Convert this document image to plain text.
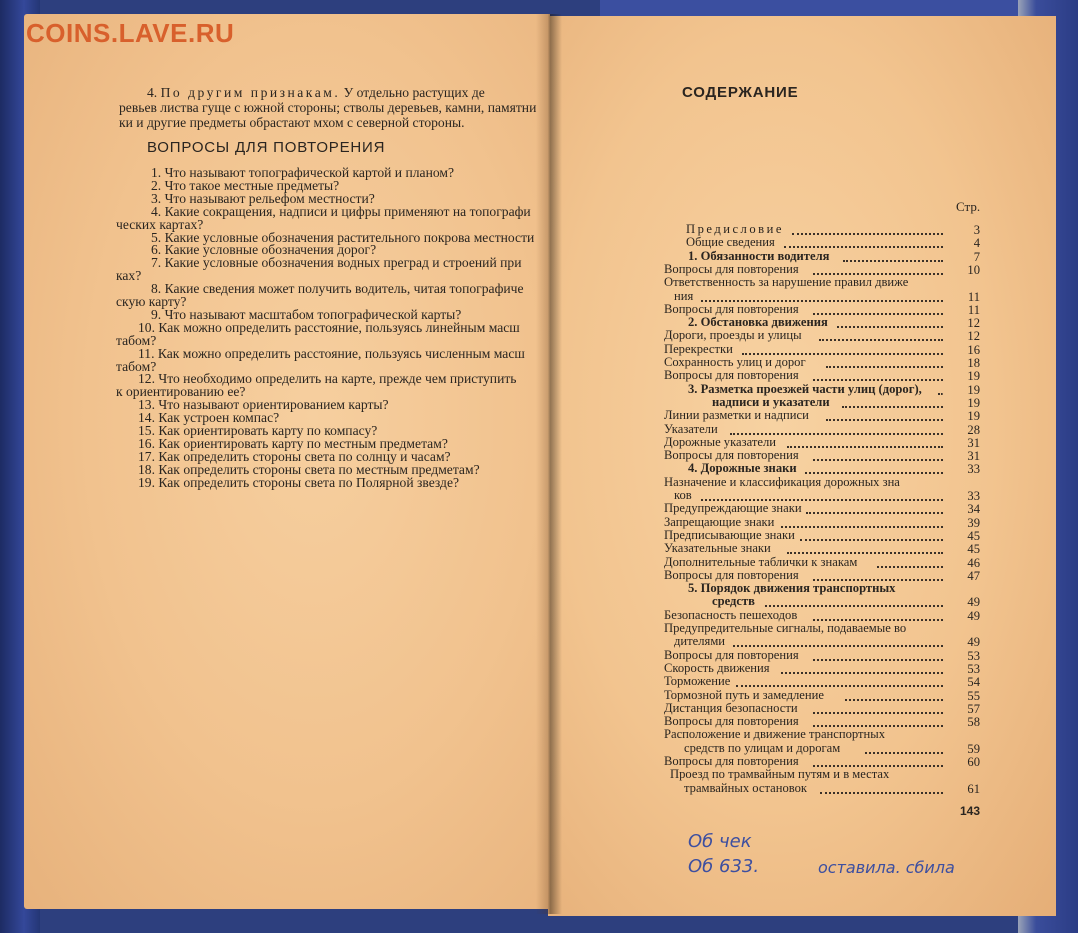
4. По другим признакам. У отдельно растущих де
ревьев листва гуще с южной стороны; стволы деревьев, камни, памятни
ки и другие предметы обрастают мхом с северной стороны.
ВОПРОСЫ ДЛЯ ПОВТОРЕНИЯ
1. Что называют топографической картой и планом?
2. Что такое местные предметы?
3. Что называют рельефом местности?
4. Какие сокращения, надписи и цифры применяют на топографи
ческих картах?
5. Какие условные обозначения растительного покрова местности
6. Какие условные обозначения дорог?
7. Какие условные обозначения водных преград и строений при
ках?
8. Какие сведения может получить водитель, читая топографиче
скую карту?
9. Что называют масштабом топографической карты?
10. Как можно определить расстояние, пользуясь линейным масш
табом?
11. Как можно определить расстояние, пользуясь численным масш
табом?
12. Что необходимо определить на карте, прежде чем приступить
к ориентированию ее?
13. Что называют ориентированием карты?
14. Как устроен компас?
15. Как ориентировать карту по компасу?
16. Как ориентировать карту по местным предметам?
17. Как определить стороны света по солнцу и часам?
18. Как определить стороны света по местным предметам?
19. Как определить стороны света по Полярной звезде?
СОДЕРЖАНИЕ
Стр.
Предисловие	3
Общие сведения	4
1. Обязанности водителя	7
Вопросы для повторения	10
Ответственность за нарушение правил движе
ния	11
Вопросы для повторения	11
2. Обстановка движения	12
Дороги, проезды и улицы	12
Перекрестки	16
Сохранность улиц и дорог	18
Вопросы для повторения	19
3. Разметка проезжей части улиц (дорог),	19
надписи и указатели	19
Линии разметки и надписи	19
Указатели	28
Дорожные указатели	31
Вопросы для повторения	31
4. Дорожные знаки	33
Назначение и классификация дорожных зна
ков	33
Предупреждающие знаки	34
Запрещающие знаки	39
Предписывающие знаки	45
Указательные знаки	45
Дополнительные таблички к знакам	46
Вопросы для повторения	47
5. Порядок движения транспортных
средств	49
Безопасность пешеходов	49
Предупредительные сигналы, подаваемые во
дителями	49
Вопросы для повторения	53
Скорость движения	53
Торможение	54
Тормозной путь и замедление	55
Дистанция безопасности	57
Вопросы для повторения	58
Расположение и движение транспортных
средств по улицам и дорогам	59
Вопросы для повторения	60
Проезд по трамвайным путям и в местах
трамвайных остановок	61
143
Об чек
Об 633.	оставила. сбила
COINS.LAVE.RU
